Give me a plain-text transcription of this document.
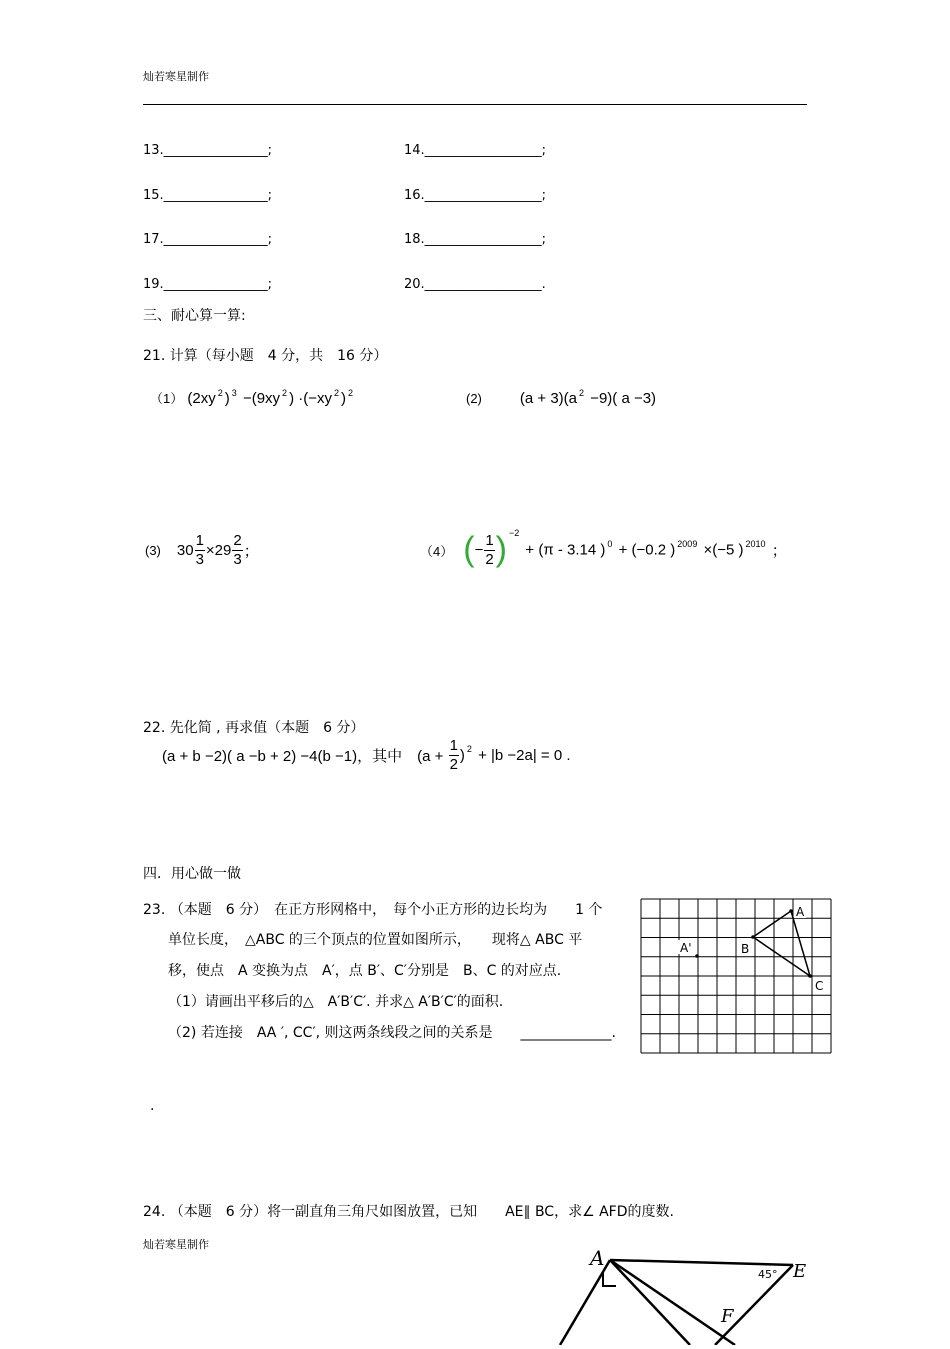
灿若寒星制作
13.________________;	14.__________________;
15.________________;	16.__________________;
17.________________;	18.__________________;
19.________________;	20.__________________.
三、耐心算一算:
21. 计算（每小题　4 分，共　16 分）
（1） (2xy $^2$ ) $^3$ −(9xy $^2$ ) ·(−xy $^2$ ) $^2$	(2)	(a + 3)(a $^2$ −9)( a −3)
(3) $30 \frac{1}{3} \times 29 \frac{2}{3}$ ；	（4） (− $\frac{1}{2}$ ) $^{-2}$ + (π - 3.14 ) $^0$ + (−0.2 ) $^{2009}$ ×(−5 ) $^{2010}$ ；
22. 先化简 , 再求值（本题　6 分）
(a + b −2)( a −b + 2) −4(b −1)，其中　($a + \frac{1}{2}$ ) $^2$ + |b −2a| = 0 .
四．用心做一做
23. （本题　6 分）　在正方形网格中，　每个小正方形的边长均为　　1 个
单位长度，　△ABC 的三个顶点的位置如图所示，　　现将△ ABC 平
移，使点　A 变换为点　A′，点 B′、C′分别是　B、C 的对应点.
（1）请画出平移后的△　A′B′C′. 并求△ A′B′C′的面积.
（2) 若连接　AA ′, CC′, 则这两条线段之间的关系是　　_____________.
.
A
A'	B
C
24. （本题　6 分）将一副直角三角尺如图放置，已知　　AE∥ BC，求∠ AFD的度数.
灿若寒星制作
A
E
F
45°
